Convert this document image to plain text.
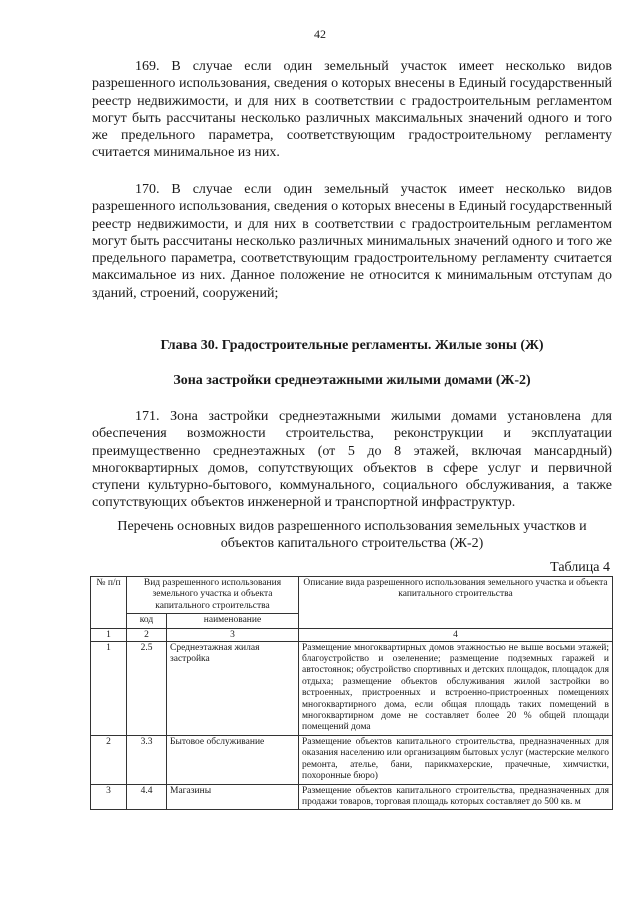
42

169. В случае если один земельный участок имеет несколько видов разрешенного использования, сведения о которых внесены в Единый государственный реестр недвижимости, и для них в соответствии с градостроительным регламентом могут быть рассчитаны несколько различных максимальных значений одного и того же предельного параметра, соответствующим градостроительному регламенту считается минимальное из них.

170. В случае если один земельный участок имеет несколько видов разрешенного использования, сведения о которых внесены в Единый государственный реестр недвижимости, и для них в соответствии с градостроительным регламентом могут быть рассчитаны несколько различных минимальных значений одного и того же предельного параметра, соответствующим градостроительному регламенту считается максимальное из них. Данное положение не относится к минимальным отступам до зданий, строений, сооружений;

Глава 30. Градостроительные регламенты. Жилые зоны (Ж)
Зона застройки среднеэтажными жилыми домами (Ж-2)

171. Зона застройки среднеэтажными жилыми домами установлена для обеспечения возможности строительства, реконструкции и эксплуатации преимущественно среднеэтажных (от 5 до 8 этажей, включая мансардный) многоквартирных домов, сопутствующих объектов в сфере услуг и первичной ступени культурно-бытового, коммунального, социального обслуживания, а также сопутствующих объектов инженерной и транспортной инфраструктур.

Перечень основных видов разрешенного использования земельных участков и объектов капитального строительства (Ж-2)
Таблица 4
№ п/п	Вид разрешенного использования земельного участка и объекта капитального строительства		Описание вида разрешенного использования земельного участка и объекта капитального строительства
	код	наименование	
1	2	3	4
1	2.5	Среднеэтажная жилая застройка	Размещение многоквартирных домов этажностью не выше восьми этажей; благоустройство и озеленение; размещение подземных гаражей и автостоянок; обустройство спортивных и детских площадок, площадок для отдыха; размещение объектов обслуживания жилой застройки во встроенных, пристроенных и встроенно-пристроенных помещениях многоквартирного дома, если общая площадь таких помещений в многоквартирном доме не составляет более 20 % общей площади помещений дома
2	3.3	Бытовое обслуживание	Размещение объектов капитального строительства, предназначенных для оказания населению или организациям бытовых услуг (мастерские мелкого ремонта, ателье, бани, парикмахерские, прачечные, химчистки, похоронные бюро)
3	4.4	Магазины	Размещение объектов капитального строительства, предназначенных для продажи товаров, торговая площадь которых составляет до 500 кв. м
